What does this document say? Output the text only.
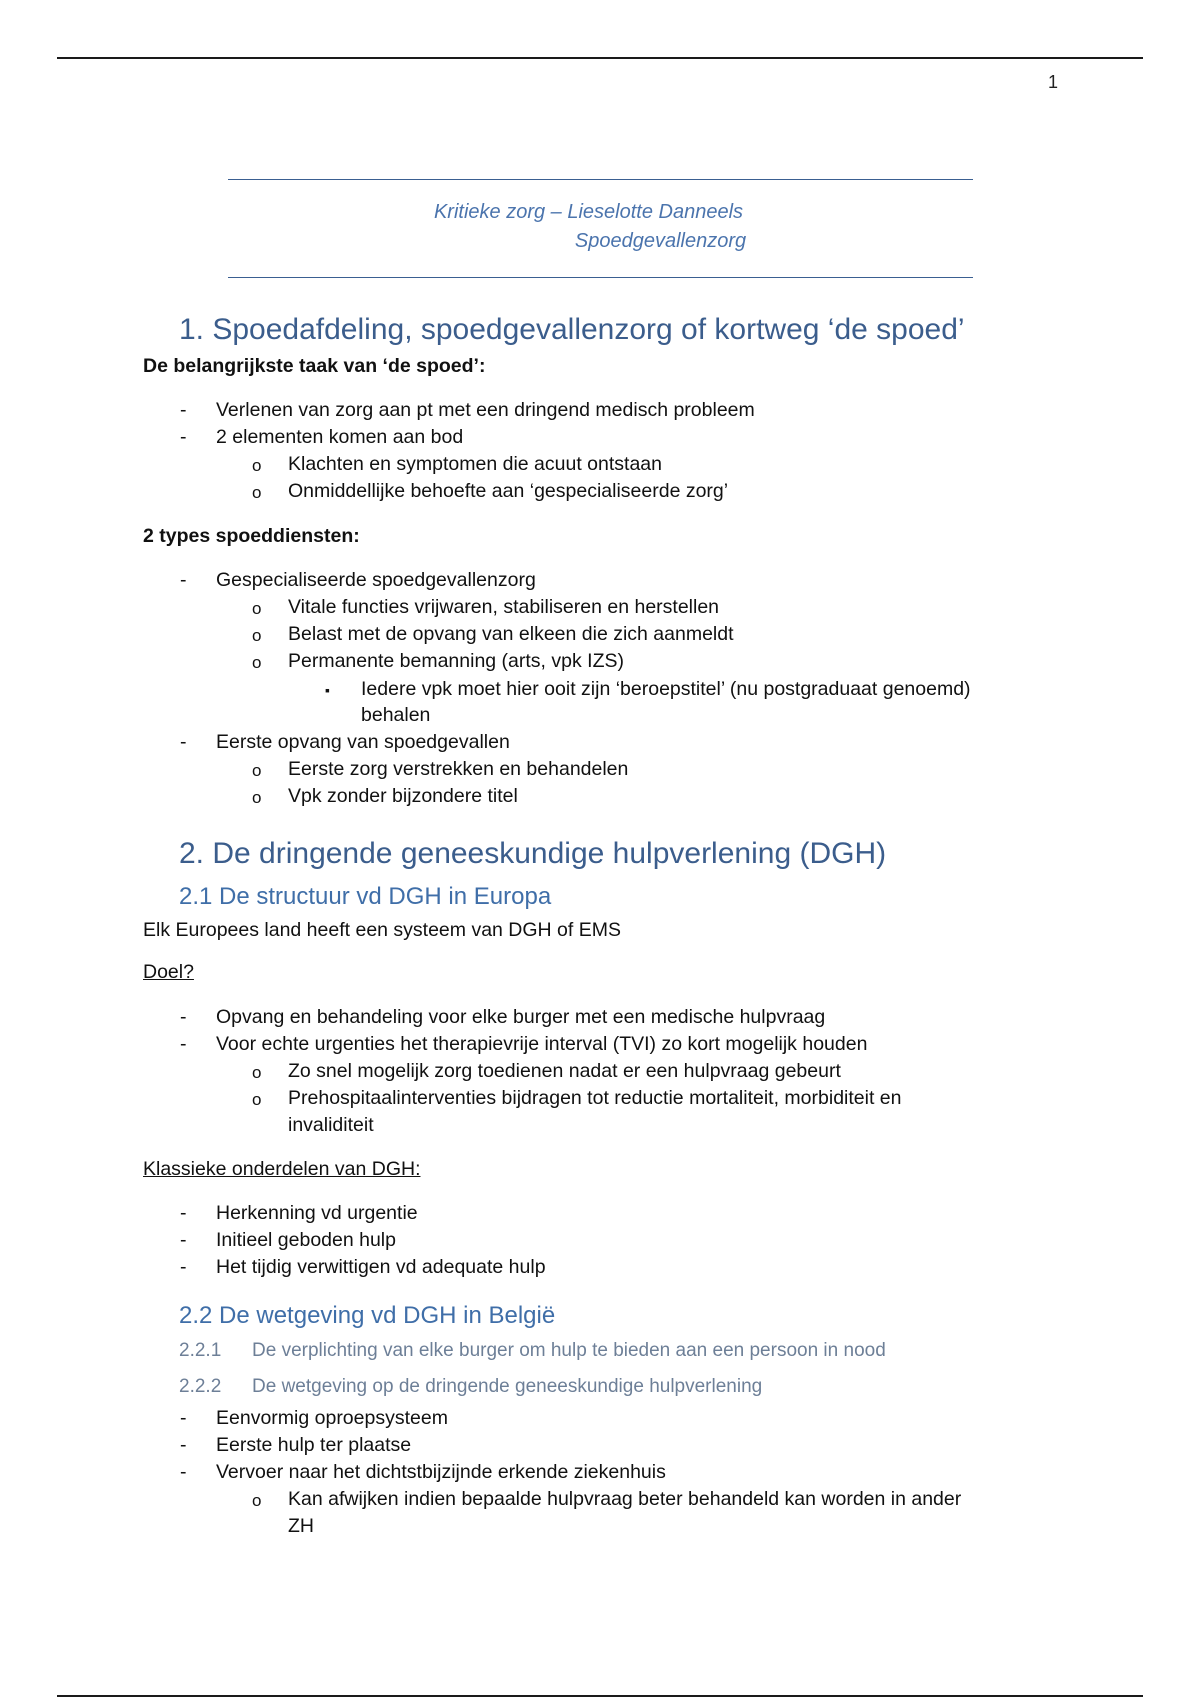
1
Kritieke zorg – Lieselotte Danneels
Spoedgevallenzorg
1. Spoedafdeling, spoedgevallenzorg of kortweg ‘de spoed’
De belangrijkste taak van ‘de spoed’:
- Verlenen van zorg aan pt met een dringend medisch probleem
- 2 elementen komen aan bod
o Klachten en symptomen die acuut ontstaan
o Onmiddellijke behoefte aan ‘gespecialiseerde zorg’
2 types spoeddiensten:
- Gespecialiseerde spoedgevallenzorg
o Vitale functies vrijwaren, stabiliseren en herstellen
o Belast met de opvang van elkeen die zich aanmeldt
o Permanente bemanning (arts, vpk IZS)
▪ Iedere vpk moet hier ooit zijn ‘beroepstitel’ (nu postgraduaat genoemd)
behalen
- Eerste opvang van spoedgevallen
o Eerste zorg verstrekken en behandelen
o Vpk zonder bijzondere titel
2. De dringende geneeskundige hulpverlening (DGH)
2.1 De structuur vd DGH in Europa
Elk Europees land heeft een systeem van DGH of EMS
Doel?
- Opvang en behandeling voor elke burger met een medische hulpvraag
- Voor echte urgenties het therapievrije interval (TVI) zo kort mogelijk houden
o Zo snel mogelijk zorg toedienen nadat er een hulpvraag gebeurt
o Prehospitaalinterventies bijdragen tot reductie mortaliteit, morbiditeit en
invaliditeit
Klassieke onderdelen van DGH:
- Herkenning vd urgentie
- Initieel geboden hulp
- Het tijdig verwittigen vd adequate hulp
2.2 De wetgeving vd DGH in België
2.2.1 De verplichting van elke burger om hulp te bieden aan een persoon in nood
2.2.2 De wetgeving op de dringende geneeskundige hulpverlening
- Eenvormig oproepsysteem
- Eerste hulp ter plaatse
- Vervoer naar het dichtstbijzijnde erkende ziekenhuis
o Kan afwijken indien bepaalde hulpvraag beter behandeld kan worden in ander
ZH
